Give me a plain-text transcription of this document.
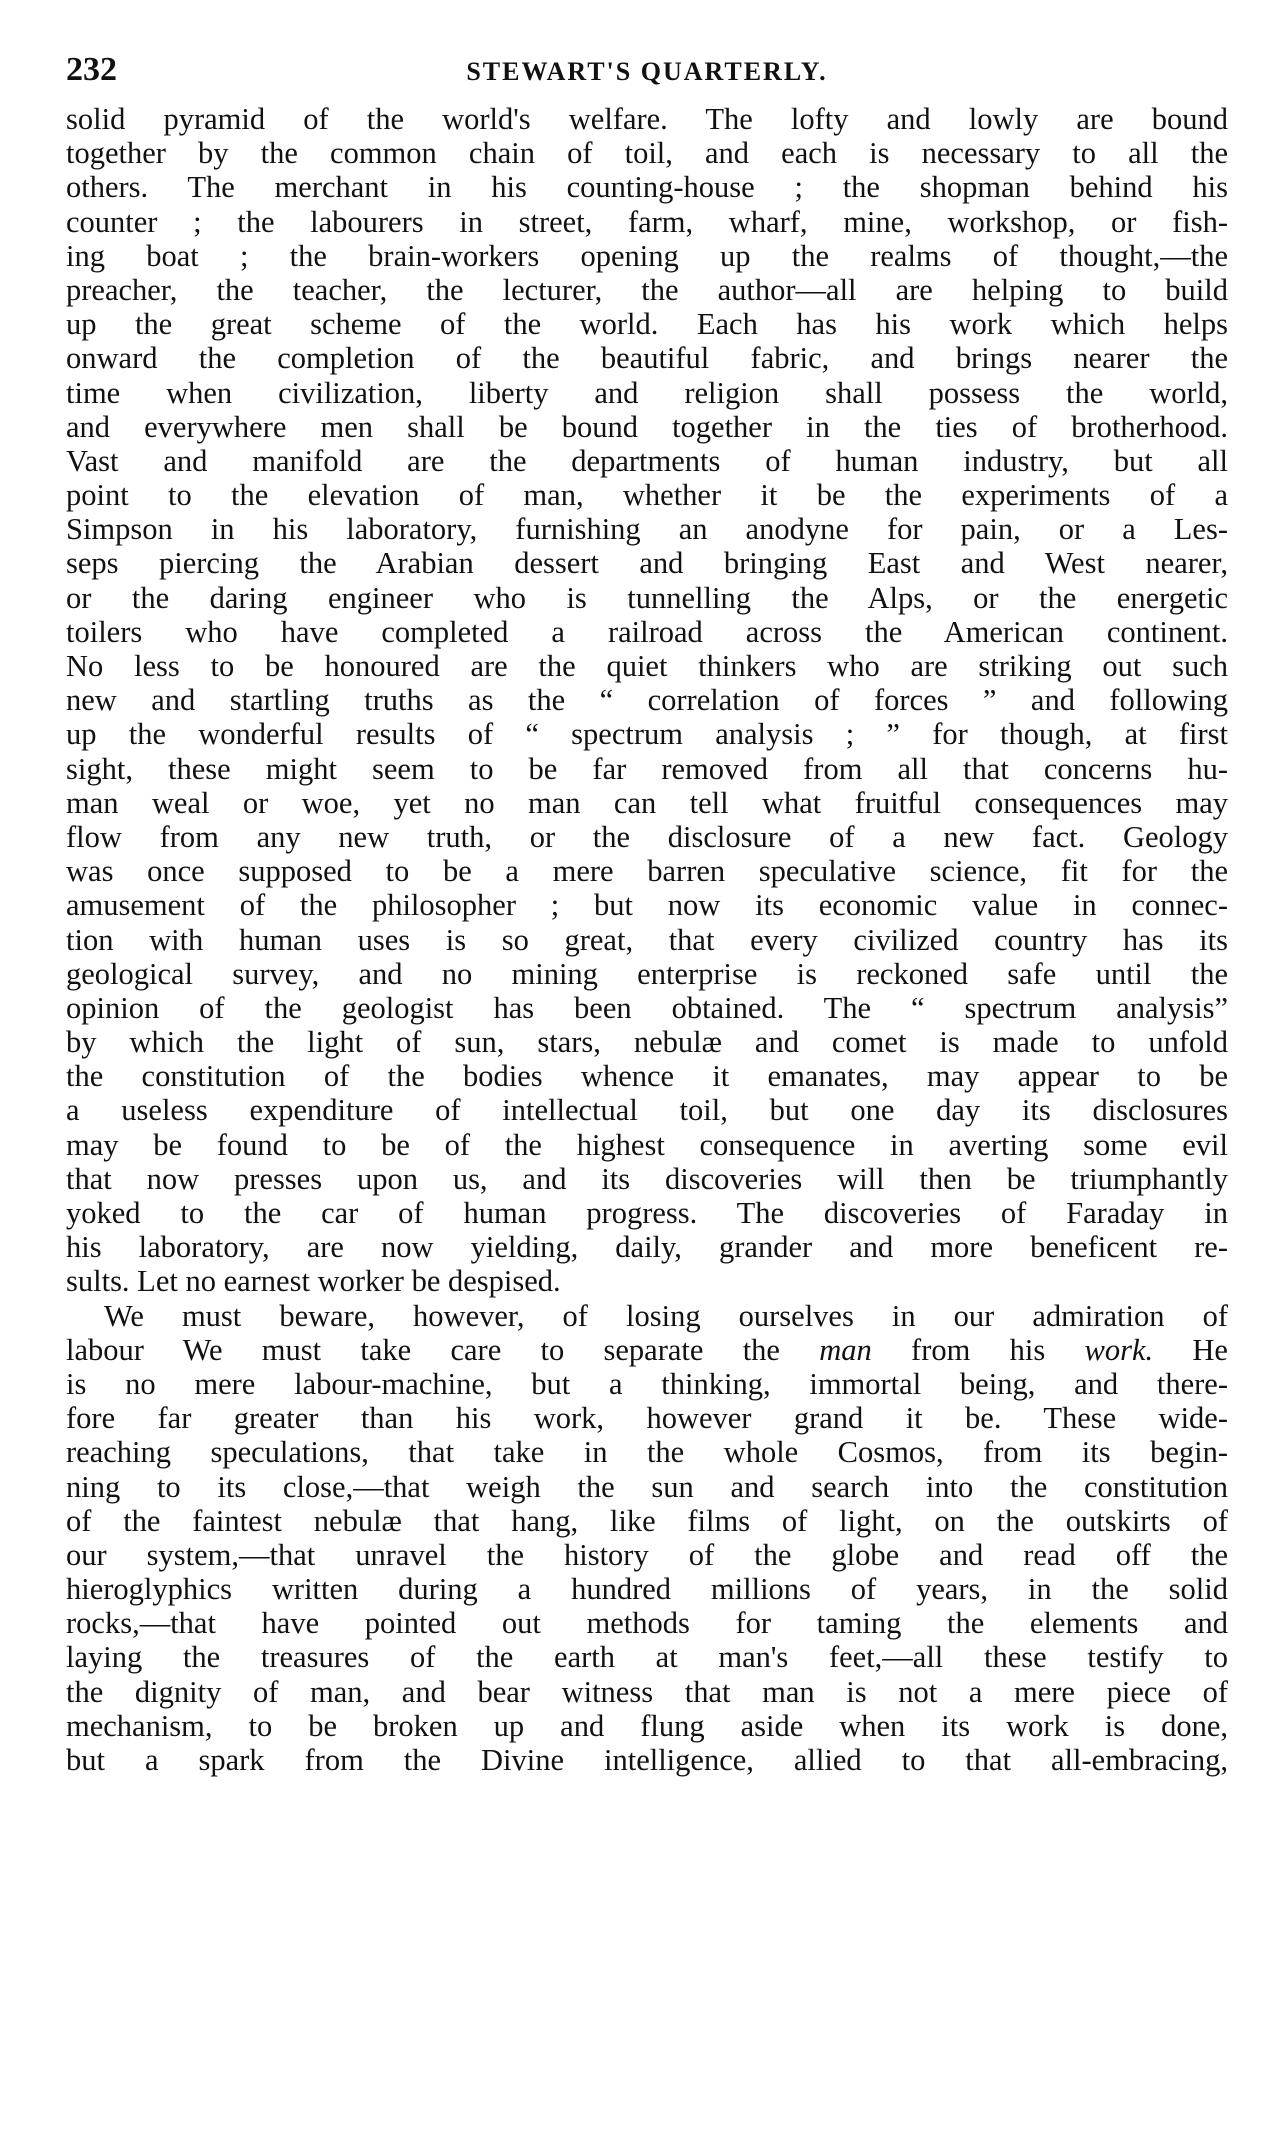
232	STEWART'S QUARTERLY.
solid pyramid of the world's welfare. The lofty and lowly are bound
together by the common chain of toil, and each is necessary to all the
others. The merchant in his counting-house ; the shopman behind his
counter ; the labourers in street, farm, wharf, mine, workshop, or fish-
ing boat ; the brain-workers opening up the realms of thought,—the
preacher, the teacher, the lecturer, the author—all are helping to build
up the great scheme of the world. Each has his work which helps
onward the completion of the beautiful fabric, and brings nearer the
time when civilization, liberty and religion shall possess the world,
and everywhere men shall be bound together in the ties of brotherhood.
Vast and manifold are the departments of human industry, but all
point to the elevation of man, whether it be the experiments of a
Simpson in his laboratory, furnishing an anodyne for pain, or a Les-
seps piercing the Arabian dessert and bringing East and West nearer,
or the daring engineer who is tunnelling the Alps, or the energetic
toilers who have completed a railroad across the American continent.
No less to be honoured are the quiet thinkers who are striking out such
new and startling truths as the “ correlation of forces ” and following
up the wonderful results of “ spectrum analysis ; ” for though, at first
sight, these might seem to be far removed from all that concerns hu-
man weal or woe, yet no man can tell what fruitful consequences may
flow from any new truth, or the disclosure of a new fact. Geology
was once supposed to be a mere barren speculative science, fit for the
amusement of the philosopher ; but now its economic value in connec-
tion with human uses is so great, that every civilized country has its
geological survey, and no mining enterprise is reckoned safe until the
opinion of the geologist has been obtained. The “ spectrum analysis”
by which the light of sun, stars, nebulæ and comet is made to unfold
the constitution of the bodies whence it emanates, may appear to be
a useless expenditure of intellectual toil, but one day its disclosures
may be found to be of the highest consequence in averting some evil
that now presses upon us, and its discoveries will then be triumphantly
yoked to the car of human progress. The discoveries of Faraday in
his laboratory, are now yielding, daily, grander and more beneficent re-
sults. Let no earnest worker be despised.
We must beware, however, of losing ourselves in our admiration of
labour We must take care to separate the man from his work. He
is no mere labour-machine, but a thinking, immortal being, and there-
fore far greater than his work, however grand it be. These wide-
reaching speculations, that take in the whole Cosmos, from its begin-
ning to its close,—that weigh the sun and search into the constitution
of the faintest nebulæ that hang, like films of light, on the outskirts of
our system,—that unravel the history of the globe and read off the
hieroglyphics written during a hundred millions of years, in the solid
rocks,—that have pointed out methods for taming the elements and
laying the treasures of the earth at man's feet,—all these testify to
the dignity of man, and bear witness that man is not a mere piece of
mechanism, to be broken up and flung aside when its work is done,
but a spark from the Divine intelligence, allied to that all-embracing,
